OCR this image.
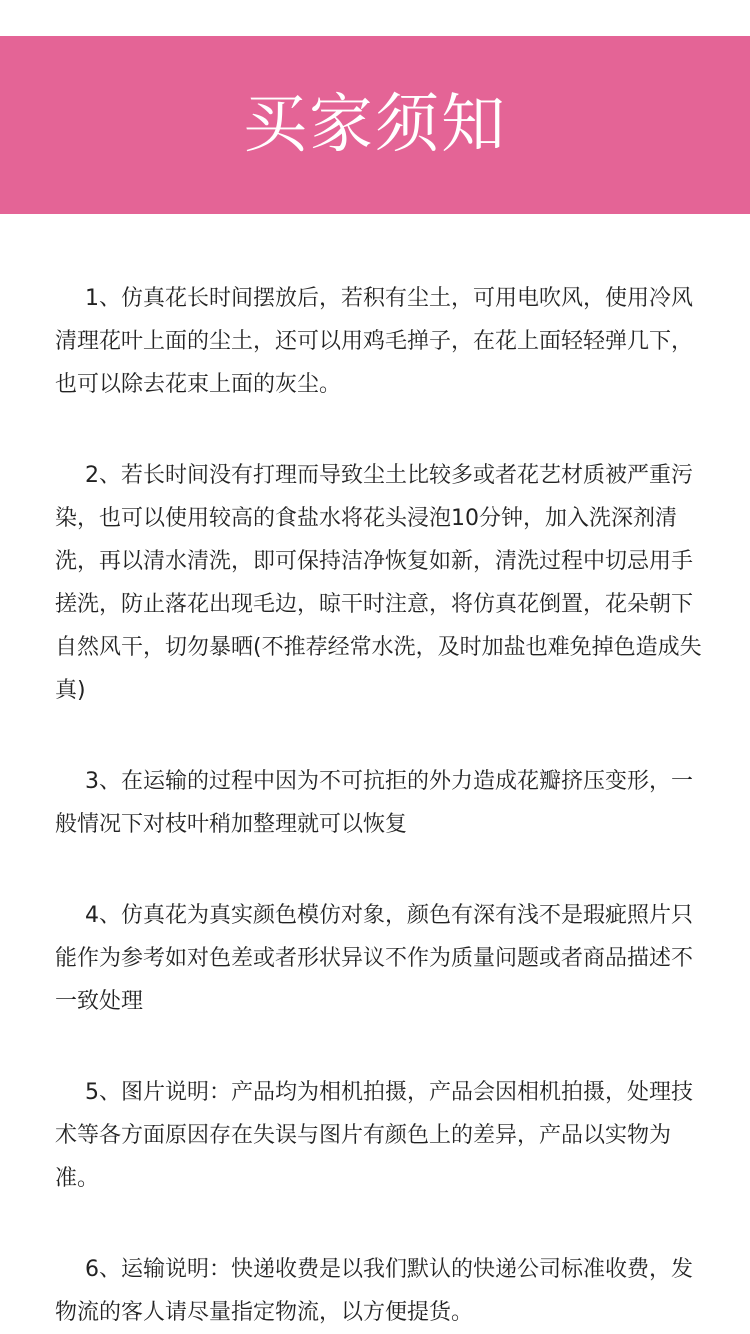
买家须知

1、仿真花长时间摆放后，若积有尘土，可用电吹风，使用冷风清理花叶上面的尘土，还可以用鸡毛掸子，在花上面轻轻弹几下，也可以除去花束上面的灰尘。

2、若长时间没有打理而导致尘土比较多或者花艺材质被严重污染，也可以使用较高的食盐水将花头浸泡10分钟，加入洗深剂清洗，再以清水清洗，即可保持洁净恢复如新，清洗过程中切忌用手搓洗，防止落花出现毛边，晾干时注意，将仿真花倒置，花朵朝下自然风干，切勿暴晒(不推荐经常水洗，及时加盐也难免掉色造成失真)

3、在运输的过程中因为不可抗拒的外力造成花瓣挤压变形，一般情况下对枝叶稍加整理就可以恢复

4、仿真花为真实颜色模仿对象，颜色有深有浅不是瑕疵照片只能作为参考如对色差或者形状异议不作为质量问题或者商品描述不一致处理

5、图片说明：产品均为相机拍摄，产品会因相机拍摄，处理技术等各方面原因存在失误与图片有颜色上的差异，产品以实物为准。

6、运输说明：快递收费是以我们默认的快递公司标准收费，发物流的客人请尽量指定物流，以方便提货。
